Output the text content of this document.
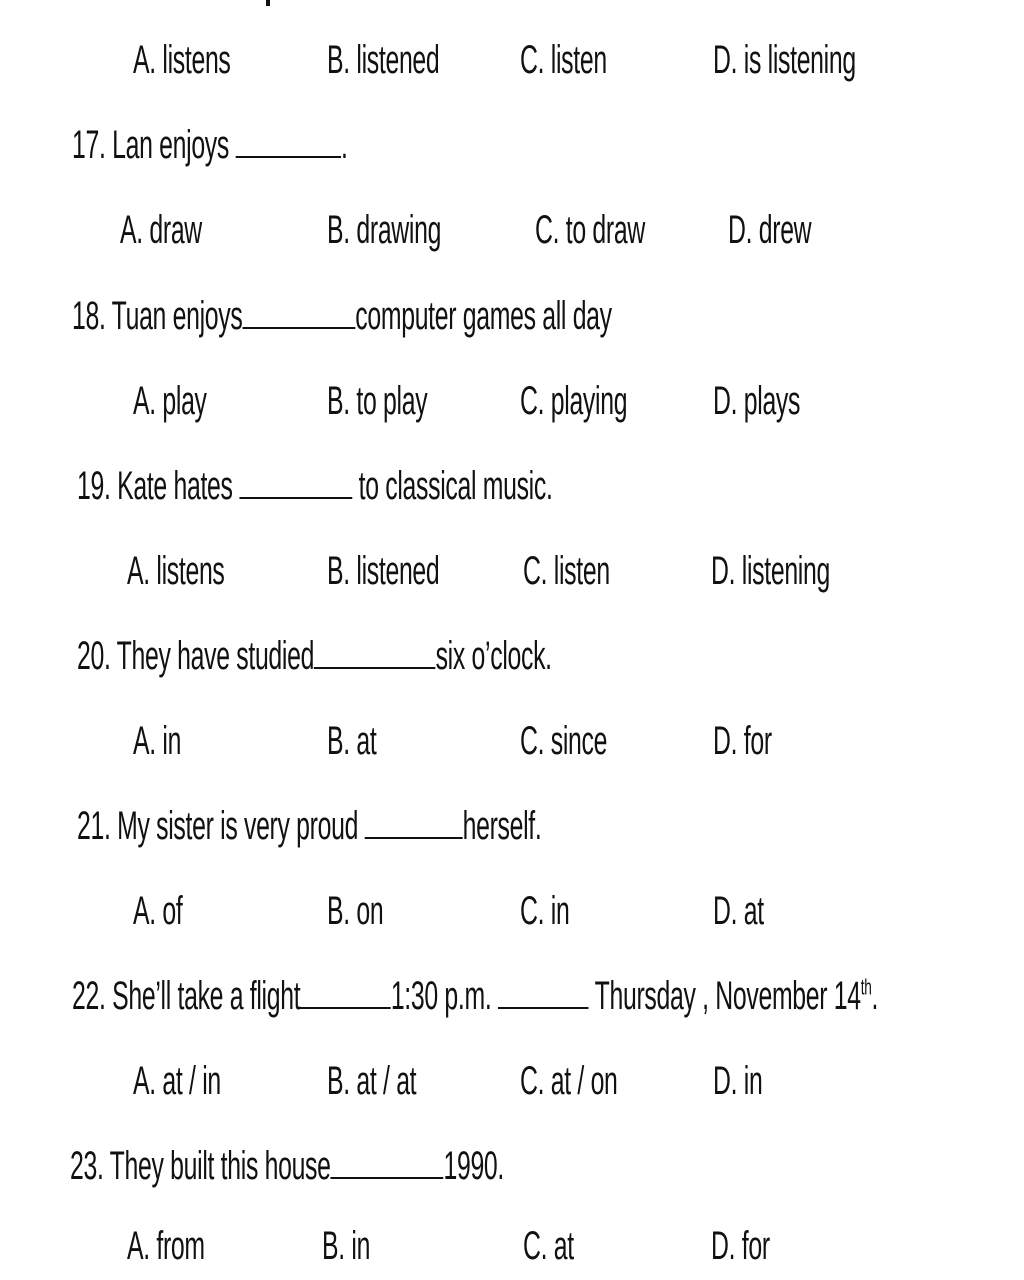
A. listens B. listened C. listen	D. is listening
17. Lan enjoys	.
A. draw	B. drawing C. to draw D. drew
18. Tuan enjoys	computer games all day
A. play	B. to play C. playing D. plays
19. Kate hates	to classical music.
A. listens	B. listened C. listen	D. listening
20. They have studied	six o’clock.
A. in	B. at	C. since	D. for
21. My sister is very proud	herself.
A. of	B. on	C. in	D. at
22. She’ll take a flight 1:30 p.m.	Thursday , November 14th.
A. at / in	B. at / at	C. at / on D. in
23. They built this house	1990.
A. from	B. in	C. at	D. for
